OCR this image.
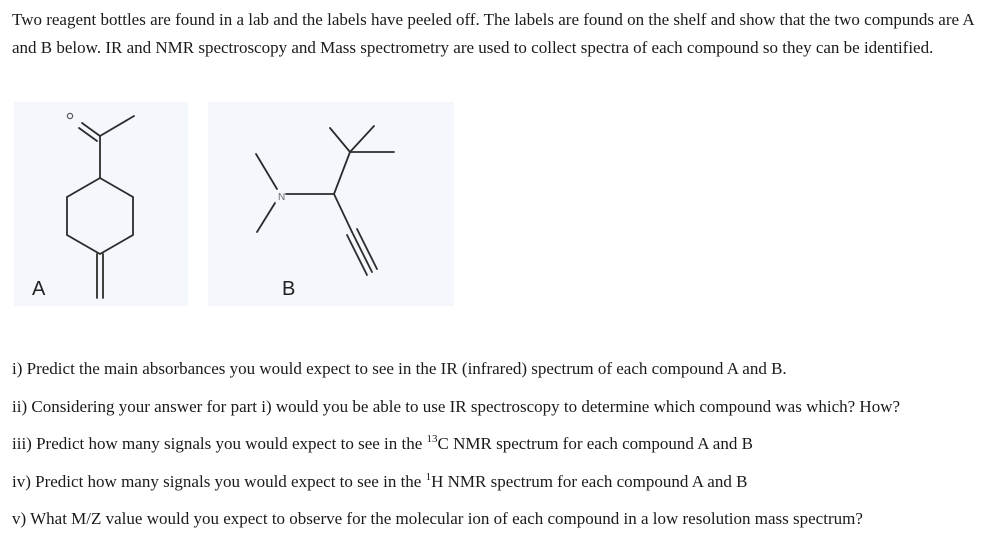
Two reagent bottles are found in a lab and the labels have peeled off. The labels are found on the shelf and show that the two compunds are A and B below. IR and NMR spectroscopy and Mass spectrometry are used to collect spectra of each compound so they can be identified.

A
N
B

i) Predict the main absorbances you would expect to see in the IR (infrared) spectrum of each compound A and B.

ii) Considering your answer for part i) would you be able to use IR spectroscopy to determine which compound was which? How?

iii) Predict how many signals you would expect to see in the $^{13}$C NMR spectrum for each compound A and B

iv) Predict how many signals you would expect to see in the $^1$H NMR spectrum for each compound A and B

v) What M/Z value would you expect to observe for the molecular ion of each compound in a low resolution mass spectrum?
